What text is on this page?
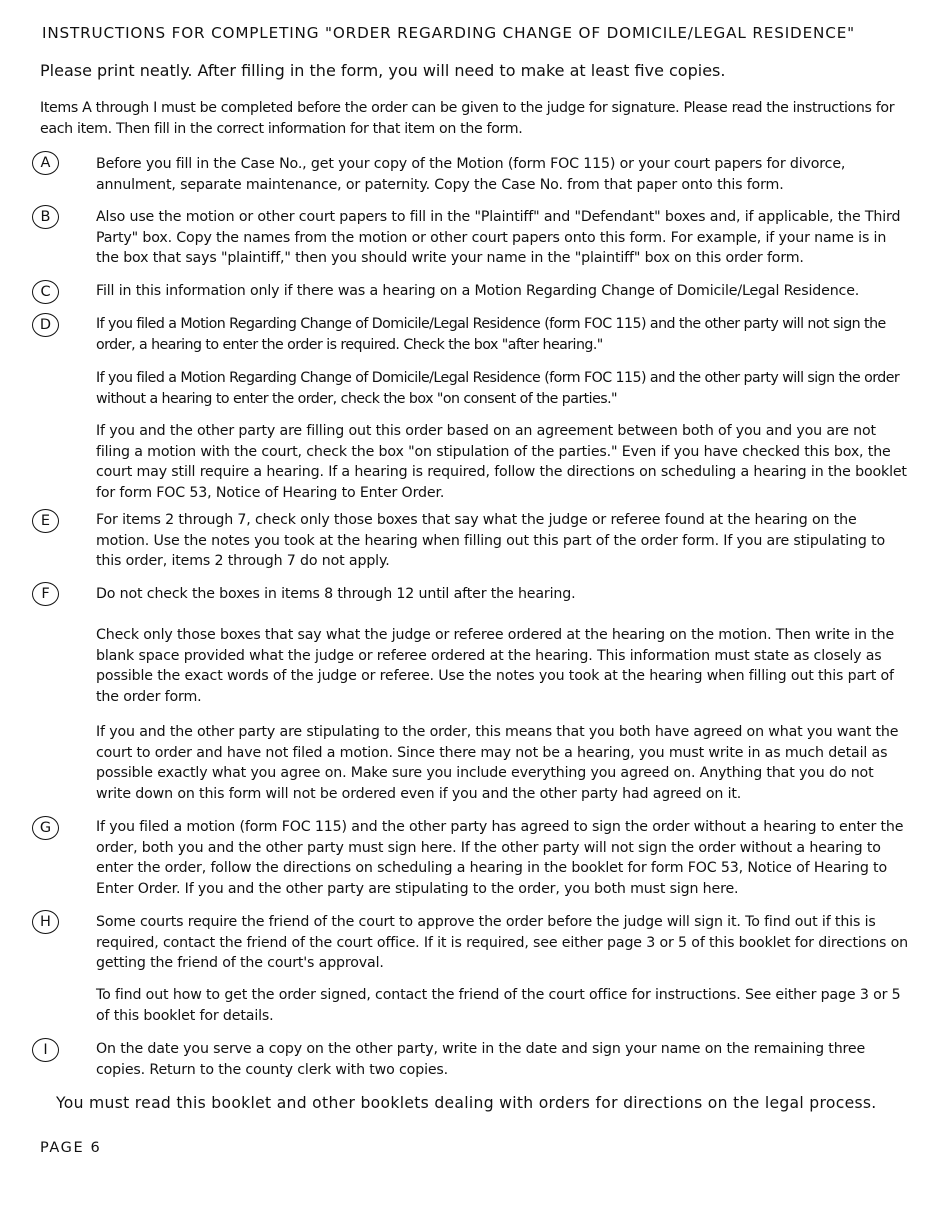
INSTRUCTIONS FOR COMPLETING "ORDER REGARDING CHANGE OF DOMICILE/LEGAL RESIDENCE"
Please print neatly. After filling in the form, you will need to make at least five copies.
Items A through I must be completed before the order can be given to the judge for signature. Please read the instructions for each item. Then fill in the correct information for that item on the form.
A	Before you fill in the Case No., get your copy of the Motion (form FOC 115) or your court papers for divorce, annulment, separate maintenance, or paternity. Copy the Case No. from that paper onto this form.
B	Also use the motion or other court papers to fill in the "Plaintiff" and "Defendant" boxes and, if applicable, the Third Party" box. Copy the names from the motion or other court papers onto this form. For example, if your name is in the box that says "plaintiff," then you should write your name in the "plaintiff" box on this order form.
C	Fill in this information only if there was a hearing on a Motion Regarding Change of Domicile/Legal Residence.
D	If you filed a Motion Regarding Change of Domicile/Legal Residence (form FOC 115) and the other party will not sign the order, a hearing to enter the order is required. Check the box "after hearing."
If you filed a Motion Regarding Change of Domicile/Legal Residence (form FOC 115) and the other party will sign the order without a hearing to enter the order, check the box "on consent of the parties."
If you and the other party are filling out this order based on an agreement between both of you and you are not filing a motion with the court, check the box "on stipulation of the parties." Even if you have checked this box, the court may still require a hearing. If a hearing is required, follow the directions on scheduling a hearing in the booklet for form FOC 53, Notice of Hearing to Enter Order.
E	For items 2 through 7, check only those boxes that say what the judge or referee found at the hearing on the motion. Use the notes you took at the hearing when filling out this part of the order form. If you are stipulating to this order, items 2 through 7 do not apply.
F	Do not check the boxes in items 8 through 12 until after the hearing.
Check only those boxes that say what the judge or referee ordered at the hearing on the motion. Then write in the blank space provided what the judge or referee ordered at the hearing. This information must state as closely as possible the exact words of the judge or referee. Use the notes you took at the hearing when filling out this part of the order form.
If you and the other party are stipulating to the order, this means that you both have agreed on what you want the court to order and have not filed a motion. Since there may not be a hearing, you must write in as much detail as possible exactly what you agree on. Make sure you include everything you agreed on. Anything that you do not write down on this form will not be ordered even if you and the other party had agreed on it.
G	If you filed a motion (form FOC 115) and the other party has agreed to sign the order without a hearing to enter the order, both you and the other party must sign here. If the other party will not sign the order without a hearing to enter the order, follow the directions on scheduling a hearing in the booklet for form FOC 53, Notice of Hearing to Enter Order. If you and the other party are stipulating to the order, you both must sign here.
H	Some courts require the friend of the court to approve the order before the judge will sign it. To find out if this is required, contact the friend of the court office. If it is required, see either page 3 or 5 of this booklet for directions on getting the friend of the court's approval.
To find out how to get the order signed, contact the friend of the court office for instructions. See either page 3 or 5 of this booklet for details.
I	On the date you serve a copy on the other party, write in the date and sign your name on the remaining three copies. Return to the county clerk with two copies.
You must read this booklet and other booklets dealing with orders for directions on the legal process.
PAGE 6
